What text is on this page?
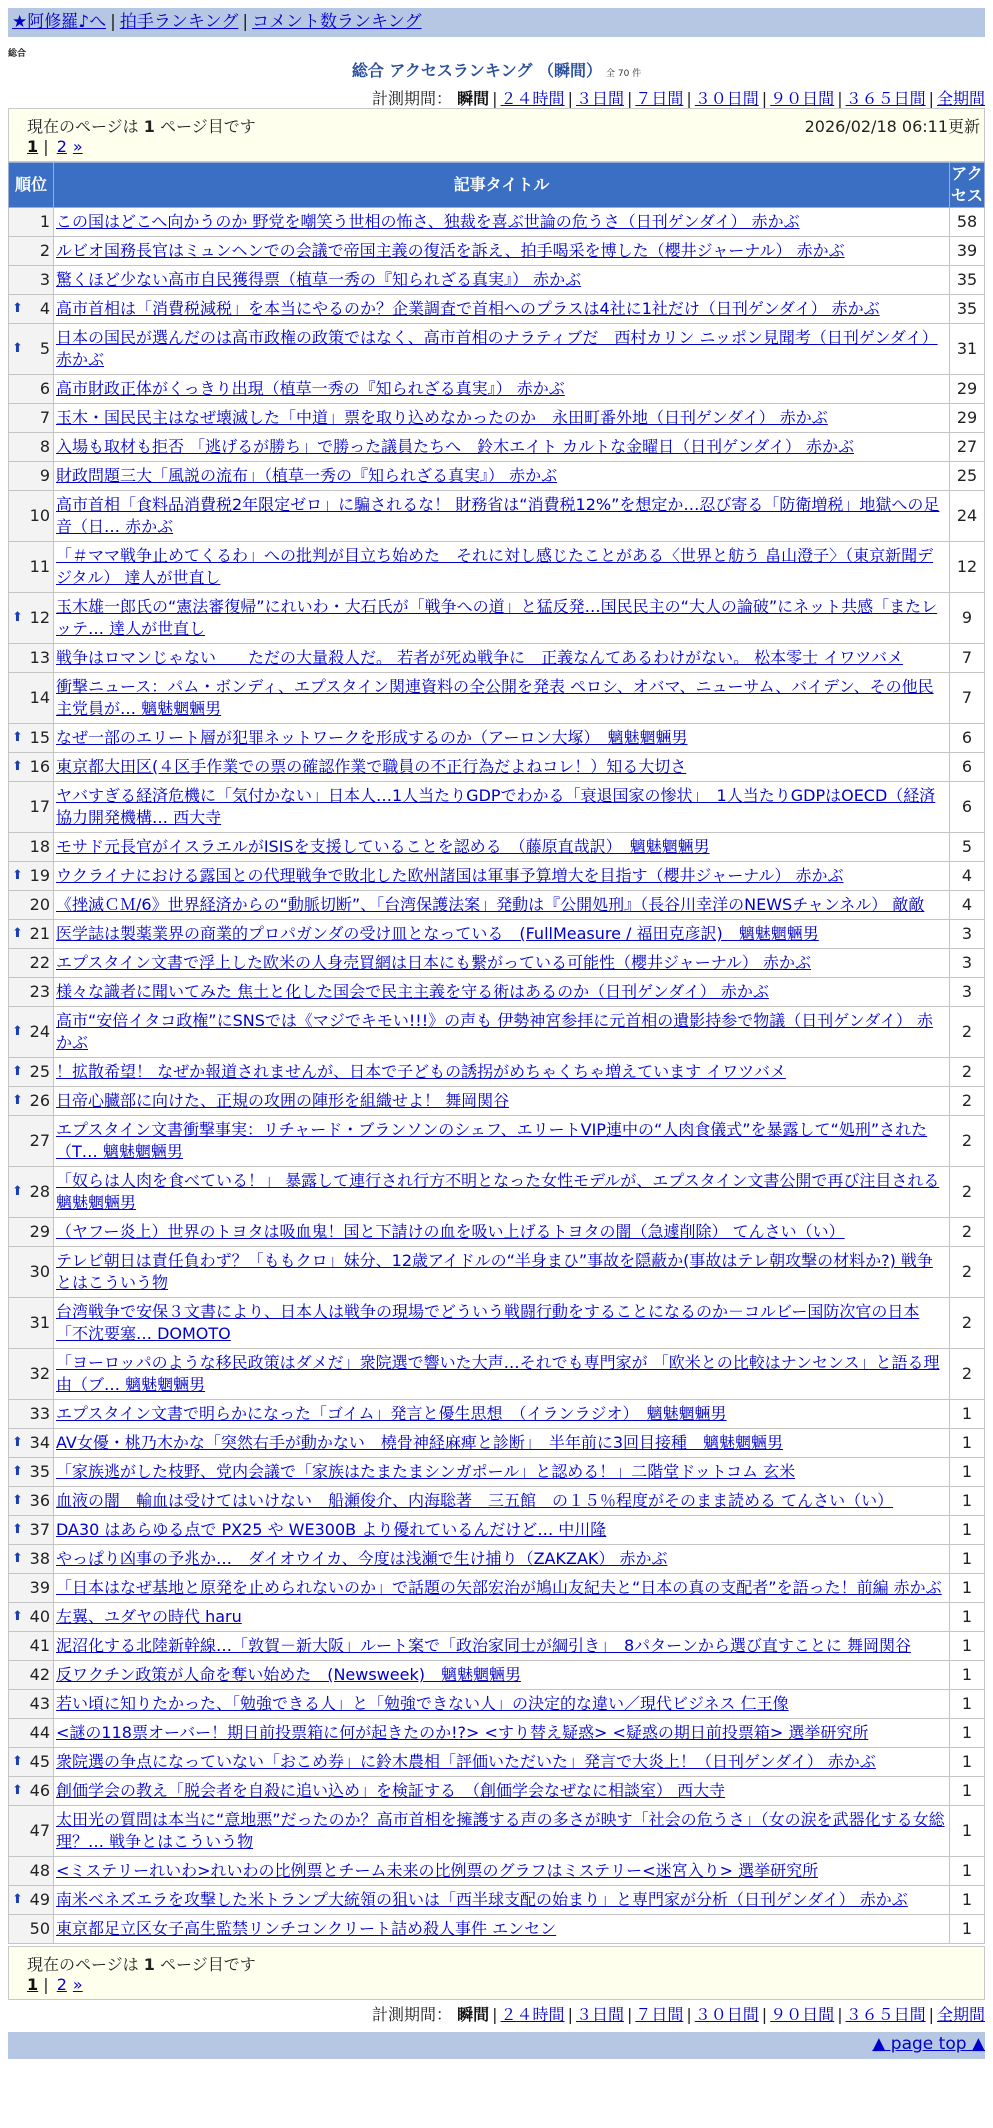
★阿修羅♪へ | 拍手ランキング | コメント数ランキング
総合
総合 アクセスランキング （瞬間） 全 70 件
計測期間： 瞬間 | ２４時間 | ３日間 | ７日間 | ３０日間 | ９０日間 | ３６５日間 | 全期間
現在のページは 1 ページ目です	2026/02/18 06:11更新
1 | 2 »
順位	記事タイトル	アクセス
1	この国はどこへ向かうのか 野党を嘲笑う世相の怖さ、独裁を喜ぶ世論の危うさ（日刊ゲンダイ） 赤かぶ	58
2	ルビオ国務長官はミュンヘンでの会議で帝国主義の復活を訴え、拍手喝采を博した（櫻井ジャーナル） 赤かぶ	39
3	驚くほど少ない高市自民獲得票（植草一秀の『知られざる真実』） 赤かぶ	35

⬆ 4	高市首相は「消費税減税」を本当にやるのか？企業調査で首相へのプラスは4社に1社だけ（日刊ゲンダイ） 赤かぶ	35

⬆ 5	日本の国民が選んだのは高市政権の政策ではなく、高市首相のナラティブだ　西村カリン ニッポン見聞考（日刊ゲンダイ） 赤かぶ	31
6	高市財政正体がくっきり出現（植草一秀の『知られざる真実』） 赤かぶ	29
7	玉木・国民民主はなぜ壊滅した「中道」票を取り込めなかったのか　永田町番外地（日刊ゲンダイ） 赤かぶ	29
8	入場も取材も拒否 「逃げるが勝ち」で勝った議員たちへ　鈴木エイト カルトな金曜日（日刊ゲンダイ） 赤かぶ	27
9	財政問題三大「風説の流布」（植草一秀の『知られざる真実』） 赤かぶ	25
10	高市首相「食料品消費税2年限定ゼロ」に騙されるな！ 財務省は“消費税12%”を想定か…忍び寄る「防衛増税」地獄への足音（日… 赤かぶ	24
11	「＃ママ戦争止めてくるわ」への批判が目立ち始めた　それに対し感じたことがある〈世界と舫う 畠山澄子〉（東京新聞デジタル） 達人が世直し	12

⬆ 12	玉木雄一郎氏の“憲法審復帰”にれいわ・大石氏が「戦争への道」と猛反発…国民民主の“大人の論破”にネット共感「またレッテ… 達人が世直し	9
13	戦争はロマンじゃない　　ただの大量殺人だ。 若者が死ぬ戦争に　正義なんてあるわけがない。 松本零士 イワツバメ	7
14	衝撃ニュース：パム・ボンディ、エプスタイン関連資料の全公開を発表 ペロシ、オバマ、ニューサム、バイデン、その他民主党員が… 魑魅魍魎男	7

⬆ 15	なぜ一部のエリート層が犯罪ネットワークを形成するのか（アーロン大塚）　魑魅魍魎男	6

⬆ 16	東京都大田区(４区手作業での票の確認作業で職員の不正行為だよねコレ！）知る大切さ	6
17	ヤバすぎる経済危機に「気付かない」日本人…1人当たりGDPでわかる「衰退国家の惨状」　1人当たりGDPはOECD（経済協力開発機構… 西大寺	6
18	モサド元長官がイスラエルがISISを支援していることを認める　（藤原直哉訳）　魑魅魍魎男	5

⬆ 19	ウクライナにおける露国との代理戦争で敗北した欧州諸国は軍事予算増大を目指す（櫻井ジャーナル） 赤かぶ	4
20	《挫滅ＣＭ/6》世界経済からの“動脈切断”、「台湾保護法案」発動は『公開処刑』（長谷川幸洋のNEWSチャンネル） 敵敵	4

⬆ 21	医学誌は製薬業界の商業的プロパガンダの受け皿となっている　(FullMeasure / 福田克彦訳)　魑魅魍魎男	3
22	エプスタイン文書で浮上した欧米の人身売買網は日本にも繋がっている可能性（櫻井ジャーナル） 赤かぶ	3
23	様々な識者に聞いてみた 焦土と化した国会で民主主義を守る術はあるのか（日刊ゲンダイ） 赤かぶ	3

⬆ 24	高市“安倍イタコ政権”にSNSでは《マジでキモい!!!》の声も 伊勢神宮参拝に元首相の遺影持参で物議（日刊ゲンダイ） 赤かぶ	2

⬆ 25	！拡散希望！ なぜか報道されませんが、日本で子どもの誘拐がめちゃくちゃ増えています イワツバメ	2

⬆ 26	日帝心臓部に向けた、正規の攻囲の陣形を組織せよ！ 舞岡関谷	2
27	エプスタイン文書衝撃事実：リチャード・ブランソンのシェフ、エリートVIP連中の“人肉食儀式”を暴露して“処刑”された（T… 魑魅魍魎男	2

⬆ 28	「奴らは人肉を食べている！」 暴露して連行され行方不明となった女性モデルが、エプスタイン文書公開で再び注目される 魑魅魍魎男	2
29	（ヤフー炎上）世界のトヨタは吸血鬼！国と下請けの血を吸い上げるトヨタの闇（急遽削除） てんさい（い）	2
30	テレビ朝日は責任負わず？「ももクロ」妹分、12歳アイドルの“半身まひ”事故を隠蔽か(事故はテレ朝攻撃の材料か?) 戦争とはこういう物	2
31	台湾戦争で安保３文書により、日本人は戦争の現場でどういう戦闘行動をすることになるのか－コルビー国防次官の日本「不沈要塞… DOMOTO	2
32	「ヨーロッパのような移民政策はダメだ」衆院選で響いた大声…それでも専門家が 「欧米との比較はナンセンス」と語る理由（ブ… 魑魅魍魎男	2
33	エプスタイン文書で明らかになった「ゴイム」発言と優生思想　（イランラジオ）　魑魅魍魎男	1

⬆ 34	AV女優・桃乃木かな「突然右手が動かない　橈骨神経麻痺と診断」　半年前に3回目接種　魑魅魍魎男	1

⬆ 35	「家族逃がした枝野、党内会議で「家族はたまたまシンガポール」と認める！」二階堂ドットコム 玄米	1

⬆ 36	血液の闇　輸血は受けてはいけない　船瀬俊介、内海聡著　三五館　の１５％程度がそのまま読める てんさい（い）	1

⬆ 37	DA30 はあらゆる点で PX25 や WE300B より優れているんだけど… 中川隆	1

⬆ 38	やっぱり凶事の予兆か…　ダイオウイカ、今度は浅瀬で生け捕り（ZAKZAK） 赤かぶ	1
39	「日本はなぜ基地と原発を止められないのか」で話題の矢部宏治が鳩山友紀夫と“日本の真の支配者”を語った！前編 赤かぶ	1

⬆ 40	左翼、ユダヤの時代 haru	1
41	泥沼化する北陸新幹線…「敦賀－新大阪」ルート案で「政治家同士が綱引き」　8パターンから選び直すことに 舞岡関谷	1
42	反ワクチン政策が人命を奪い始めた　(Newsweek)　魑魅魍魎男	1
43	若い頃に知りたかった、「勉強できる人」と「勉強できない人」の決定的な違い／現代ビジネス 仁王像	1
44	<謎の118票オーバー！期日前投票箱に何が起きたのか!?> <すり替え疑惑> <疑惑の期日前投票箱> 選挙研究所	1

⬆ 45	衆院選の争点になっていない「おこめ券」に鈴木農相「評価いただいた」発言で大炎上！（日刊ゲンダイ） 赤かぶ	1

⬆ 46	創価学会の教え「脱会者を自殺に追い込め」を検証する　（創価学会なぜなに相談室） 西大寺	1
47	太田光の質問は本当に“意地悪”だったのか？高市首相を擁護する声の多さが映す「社会の危うさ」（女の涙を武器化する女総理？… 戦争とはこういう物	1
48	<ミステリーれいわ>れいわの比例票とチーム未来の比例票のグラフはミステリー<迷宮入り> 選挙研究所	1

⬆ 49	南米ベネズエラを攻撃した米トランプ大統領の狙いは「西半球支配の始まり」と専門家が分析（日刊ゲンダイ） 赤かぶ	1
50	東京都足立区女子高生監禁リンチコンクリート詰め殺人事件 エンセン	1
現在のページは 1 ページ目です
1 | 2 »
計測期間： 瞬間 | ２４時間 | ３日間 | ７日間 | ３０日間 | ９０日間 | ３６５日間 | 全期間
▲ page top ▲
